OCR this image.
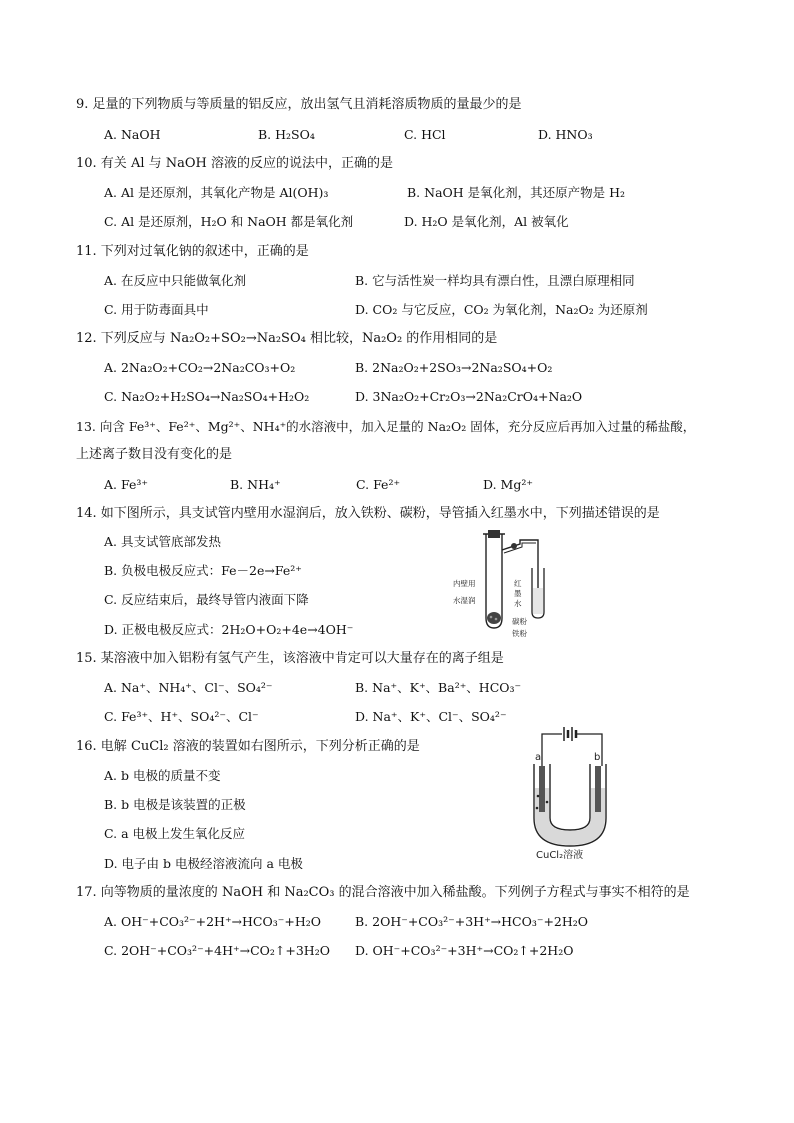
9. 足量的下列物质与等质量的铝反应，放出氢气且消耗溶质物质的量最少的是
A. NaOH	B. H₂SO₄	C. HCl	D. HNO₃
10. 有关 Al 与 NaOH 溶液的反应的说法中，正确的是
A. Al 是还原剂，其氧化产物是 Al(OH)₃	B. NaOH 是氧化剂，其还原产物是 H₂
C. Al 是还原剂，H₂O 和 NaOH 都是氧化剂	D. H₂O 是氧化剂，Al 被氧化
11. 下列对过氧化钠的叙述中，正确的是
A. 在反应中只能做氧化剂	B. 它与活性炭一样均具有漂白性，且漂白原理相同
C. 用于防毒面具中	D. CO₂ 与它反应，CO₂ 为氧化剂，Na₂O₂ 为还原剂
12. 下列反应与 Na₂O₂+SO₂→Na₂SO₄ 相比较，Na₂O₂ 的作用相同的是
A. 2Na₂O₂+CO₂→2Na₂CO₃+O₂	B. 2Na₂O₂+2SO₃→2Na₂SO₄+O₂
C. Na₂O₂+H₂SO₄→Na₂SO₄+H₂O₂	D. 3Na₂O₂+Cr₂O₃→2Na₂CrO₄+Na₂O
13. 向含 Fe³⁺、Fe²⁺、Mg²⁺、NH₄⁺的水溶液中，加入足量的 Na₂O₂ 固体，充分反应后再加入过量的稀盐酸，
上述离子数目没有变化的是
A. Fe³⁺	B. NH₄⁺	C. Fe²⁺	D. Mg²⁺
14. 如下图所示，具支试管内壁用水湿润后，放入铁粉、碳粉，导管插入红墨水中，下列描述错误的是
A. 具支试管底部发热
B. 负极电极反应式：Fe－2e→Fe²⁺
C. 反应结束后，最终导管内液面下降
D. 正极电极反应式：2H₂O+O₂+4e→4OH⁻
内壁用
水湿润
红
墨
水
碳粉
铁粉
15. 某溶液中加入铝粉有氢气产生，该溶液中肯定可以大量存在的离子组是
A. Na⁺、NH₄⁺、Cl⁻、SO₄²⁻	B. Na⁺、K⁺、Ba²⁺、HCO₃⁻
C. Fe³⁺、H⁺、SO₄²⁻、Cl⁻	D. Na⁺、K⁺、Cl⁻、SO₄²⁻
16. 电解 CuCl₂ 溶液的装置如右图所示，下列分析正确的是
A. b 电极的质量不变
B. b 电极是该装置的正极
C. a 电极上发生氧化反应
D. 电子由 b 电极经溶液流向 a 电极
a	b
CuCl₂溶液
17. 向等物质的量浓度的 NaOH 和 Na₂CO₃ 的混合溶液中加入稀盐酸。下列例子方程式与事实不相符的是
A. OH⁻+CO₃²⁻+2H⁺→HCO₃⁻+H₂O	B. 2OH⁻+CO₃²⁻+3H⁺→HCO₃⁻+2H₂O
C. 2OH⁻+CO₃²⁻+4H⁺→CO₂↑+3H₂O D. OH⁻+CO₃²⁻+3H⁺→CO₂↑+2H₂O
